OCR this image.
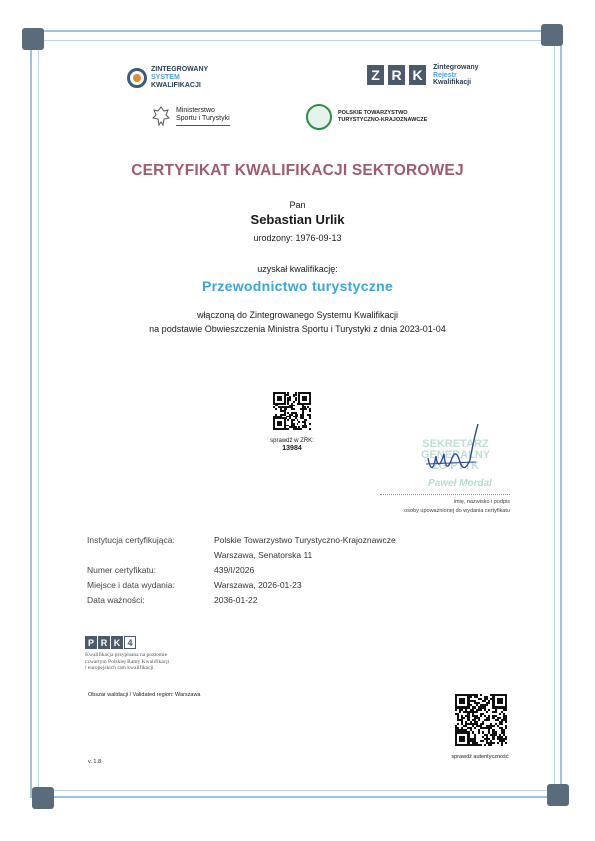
ZINTEGROWANY
SYSTEM
KWALIFIKACJI
Z R K	Zintegrowany
Rejestr
Kwalifikacji
Ministerstwo
Sportu i Turystyki
POLSKIE TOWARZYSTWO
TURYSTYCZNO-KRAJOZNAWCZE
CERTYFIKAT KWALIFIKACJI SEKTOROWEJ
Pan
Sebastian Urlik
urodzony: 1976-09-13
uzyskał kwalifikację:
Przewodnictwo turystyczne
włączoną do Zintegrowanego Systemu Kwalifikacji
na podstawie Obwieszczenia Ministra Sportu i Turystyki z dnia 2023-01-04
sprawdź w ZRK:
13984	SEKRETARZ GENERALNY
ZG PTTK
Paweł Mordal
imię, nazwisko i podpis
osoby upoważnionej do wydania certyfikatu
Instytucja certyfikująca:	Polskie Towarzystwo Turystyczno-Krajoznawcze
Warszawa, Senatorska 11
Numer certyfikatu:	439/I/2026
Miejsce i data wydania:	Warszawa, 2026-01-23
Data ważności:	2036-01-22
P R K 4
Kwalifikacja przypisana na poziomie
czwartym Polskiej Ramy Kwalifikacji
i europejskich ram kwalifikacji
Obszar walidacji / Validated region: Warszawa
v. 1.8
sprawdź autentyczność
